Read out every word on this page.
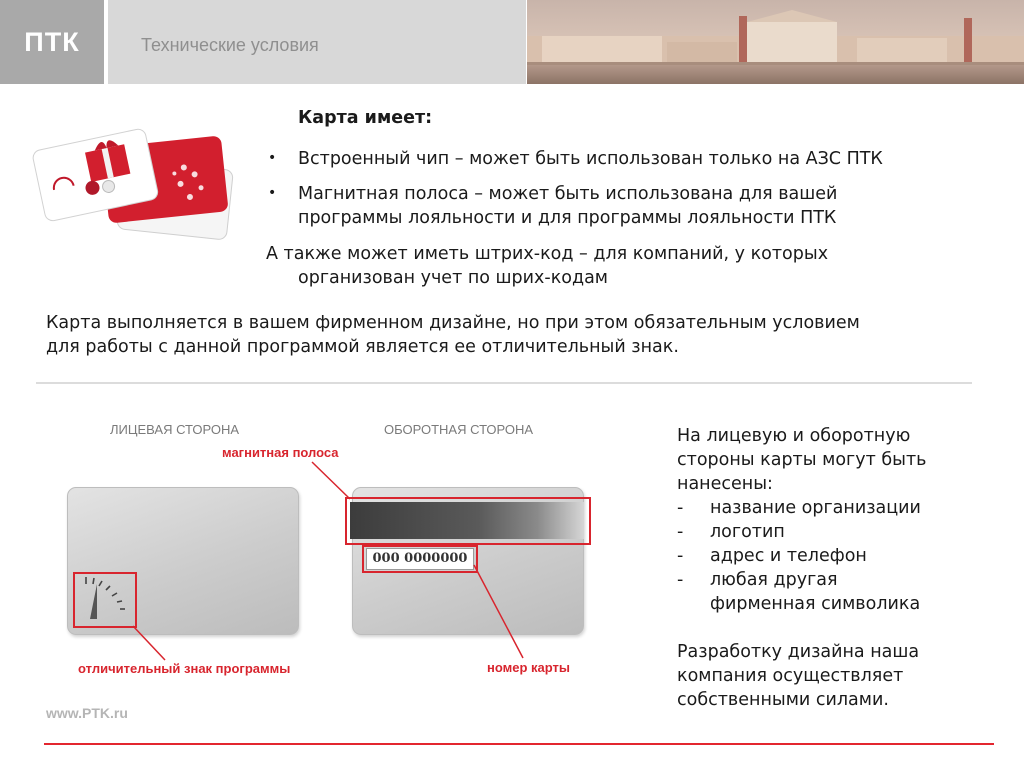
ПТК	Технические условия
Карта имеет:
• Встроенный чип – может быть использован только на АЗС ПТК
• Магнитная полоса – может быть использована для вашей
программы лояльности и для программы лояльности ПТК
А также может иметь штрих-код – для компаний, у которых
организован учет по шрих-кодам
Карта выполняется в вашем фирменном дизайне, но при этом обязательным условием
для работы с данной программой является ее отличительный знак.
ЛИЦЕВАЯ СТОРОНА	ОБОРОТНАЯ СТОРОНА
магнитная полоса
000 0000000
отличительный знак программы	номер карты
На лицевую и оборотную
стороны карты могут быть
нанесены:
- название организации
- логотип
- адрес и телефон
- любая другая
фирменная символика
Разработку дизайна наша
компания осуществляет
собственными силами.
www.PTK.ru
